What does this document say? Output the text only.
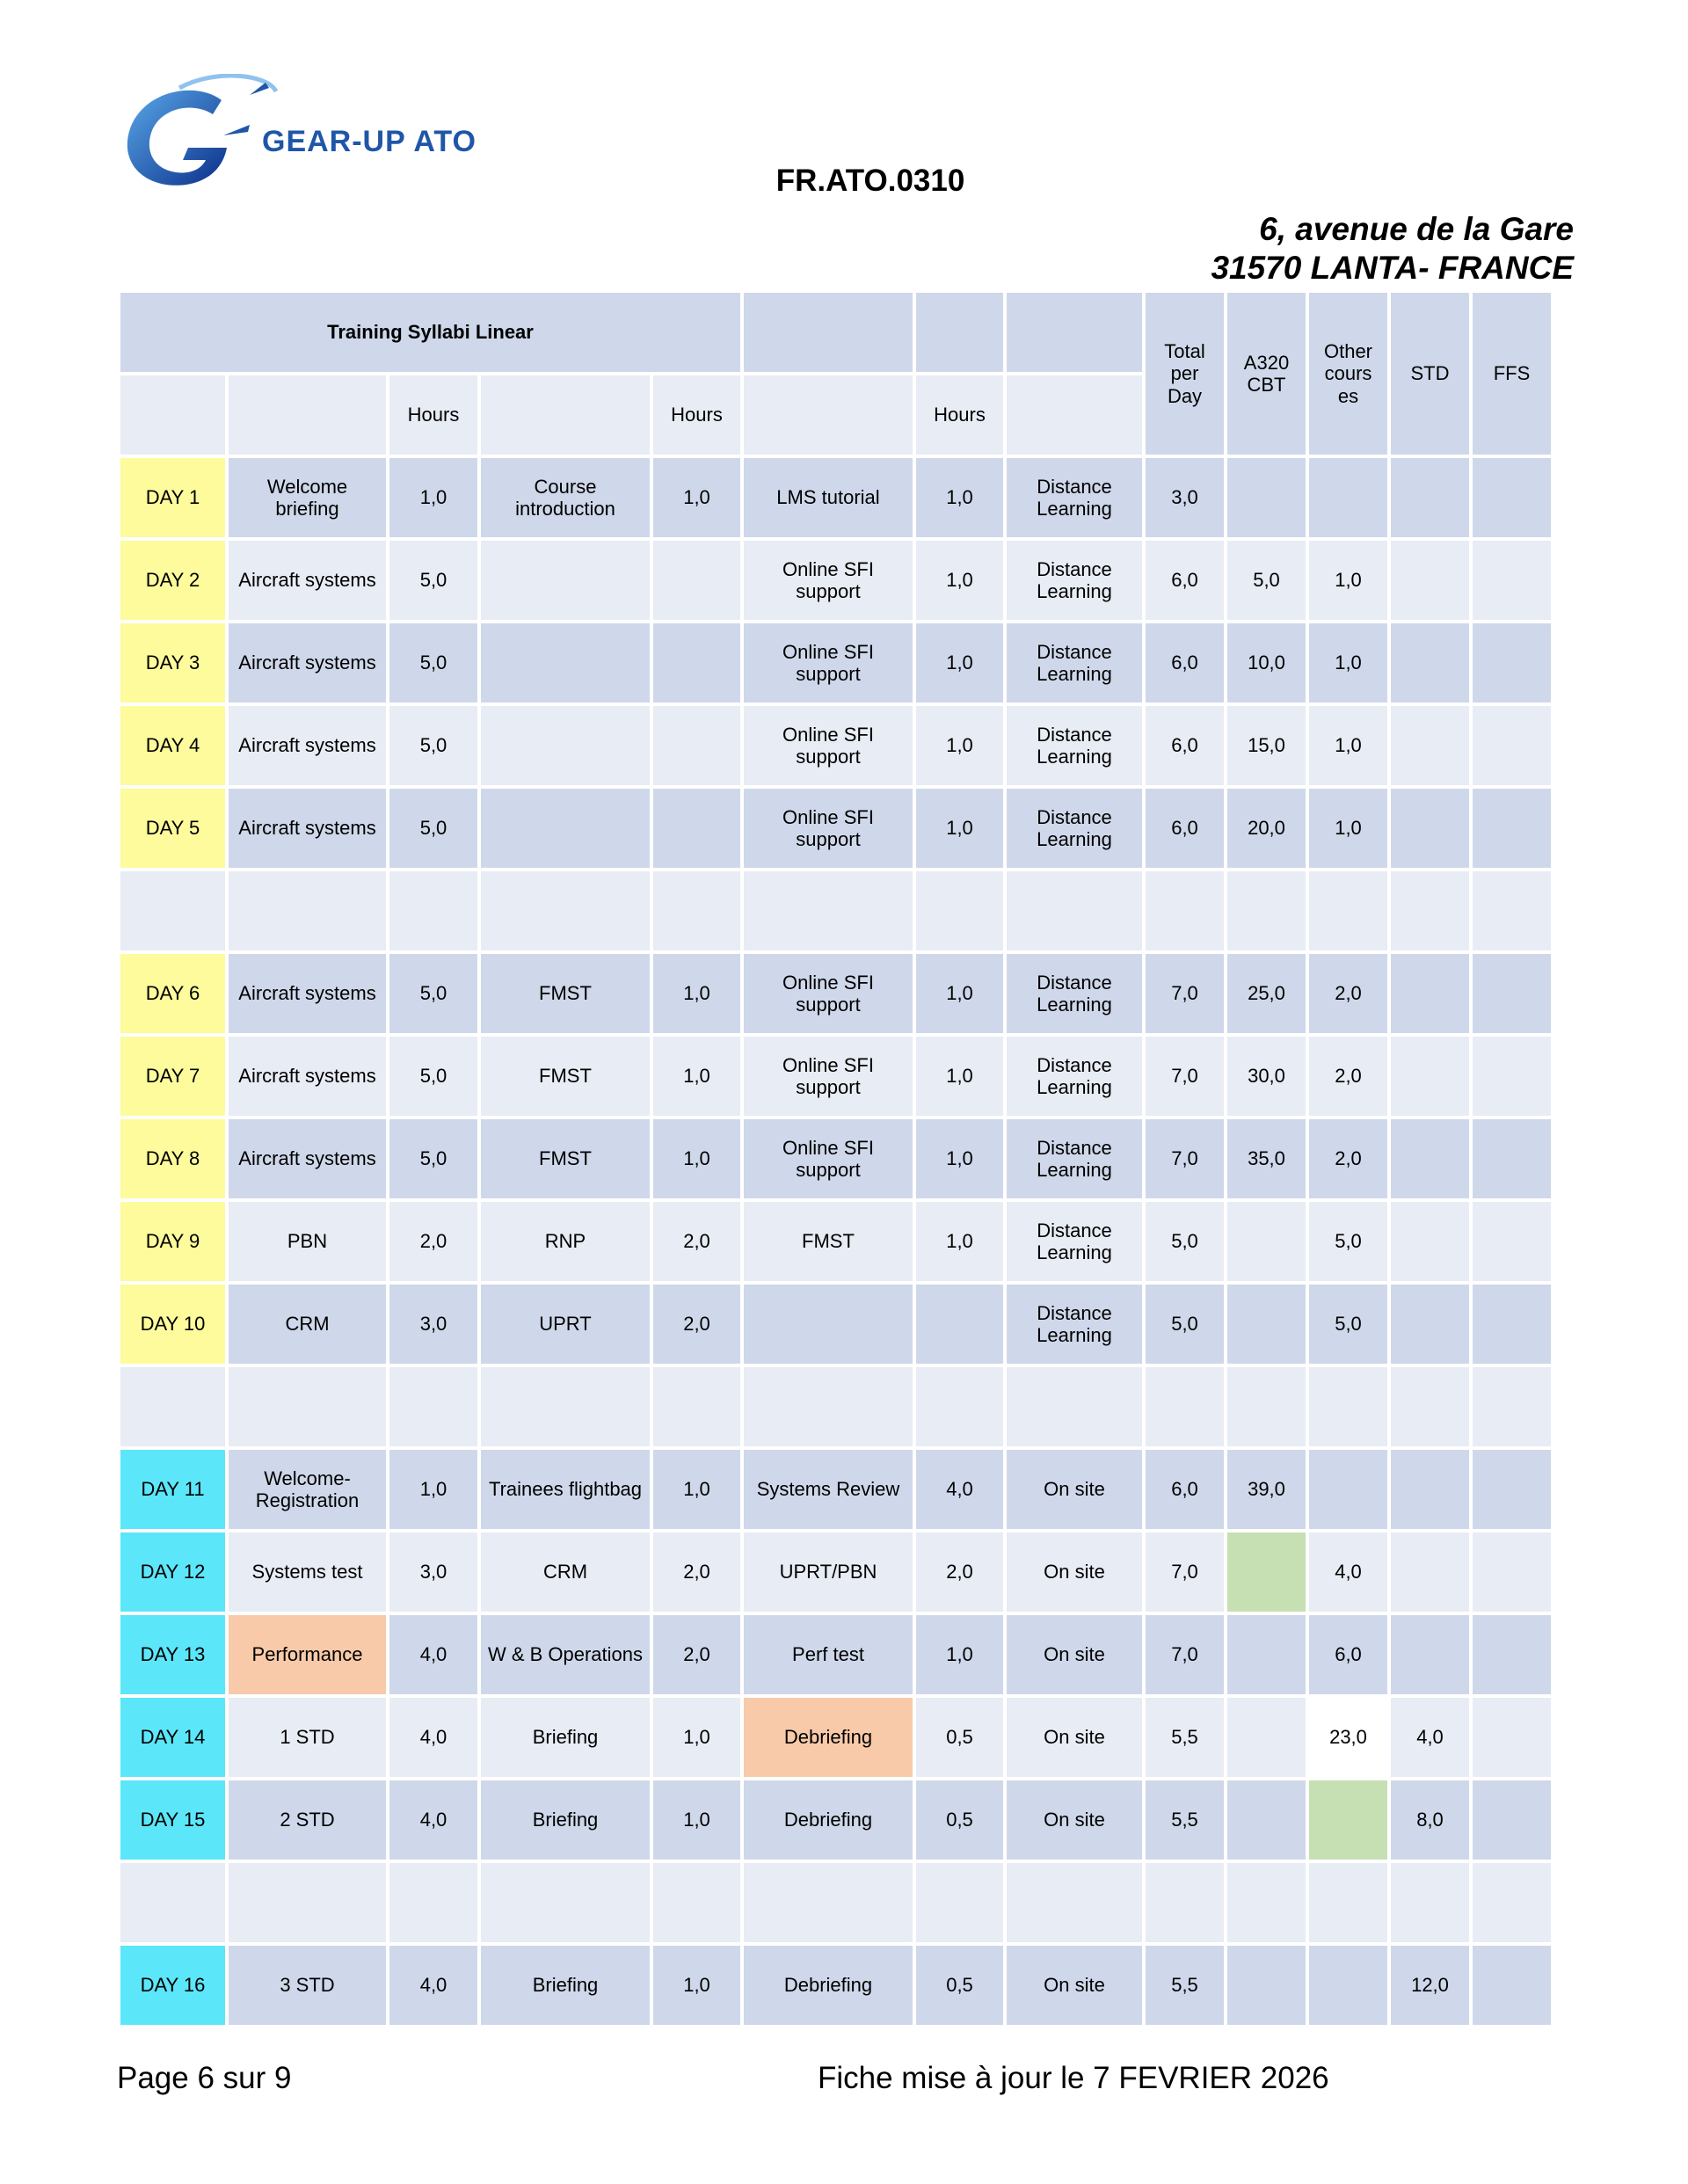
GEAR-UP ATO
FR.ATO.0310
6, avenue de la Gare
31570 LANTA- FRANCE
Training Syllabi Linear								Total per Day	A320 CBT	Other cours es	STD	FFS
		Hours		Hours		Hours						
DAY 1	Welcome briefing	1,0	Course introduction	1,0	LMS tutorial	1,0	Distance Learning	3,0				
DAY 2	Aircraft systems	5,0			Online SFI support	1,0	Distance Learning	6,0	5,0	1,0		
DAY 3	Aircraft systems	5,0			Online SFI support	1,0	Distance Learning	6,0	10,0	1,0		
DAY 4	Aircraft systems	5,0			Online SFI support	1,0	Distance Learning	6,0	15,0	1,0		
DAY 5	Aircraft systems	5,0			Online SFI support	1,0	Distance Learning	6,0	20,0	1,0		

DAY 6	Aircraft systems	5,0	FMST	1,0	Online SFI support	1,0	Distance Learning	7,0	25,0	2,0		
DAY 7	Aircraft systems	5,0	FMST	1,0	Online SFI support	1,0	Distance Learning	7,0	30,0	2,0		
DAY 8	Aircraft systems	5,0	FMST	1,0	Online SFI support	1,0	Distance Learning	7,0	35,0	2,0		
DAY 9	PBN	2,0	RNP	2,0	FMST	1,0	Distance Learning	5,0		5,0		
DAY 10	CRM	3,0	UPRT	2,0			Distance Learning	5,0		5,0		

DAY 11	Welcome-Registration	1,0	Trainees flightbag	1,0	Systems Review	4,0	On site	6,0	39,0			
DAY 12	Systems test	3,0	CRM	2,0	UPRT/PBN	2,0	On site	7,0		4,0		
DAY 13	Performance	4,0	W & B Operations	2,0	Perf test	1,0	On site	7,0		6,0		
DAY 14	1 STD	4,0	Briefing	1,0	Debriefing	0,5	On site	5,5		23,0	4,0	
DAY 15	2 STD	4,0	Briefing	1,0	Debriefing	0,5	On site	5,5			8,0	

DAY 16	3 STD	4,0	Briefing	1,0	Debriefing	0,5	On site	5,5			12,0	
Page 6 sur 9	Fiche mise à jour le 7 FEVRIER 2026
